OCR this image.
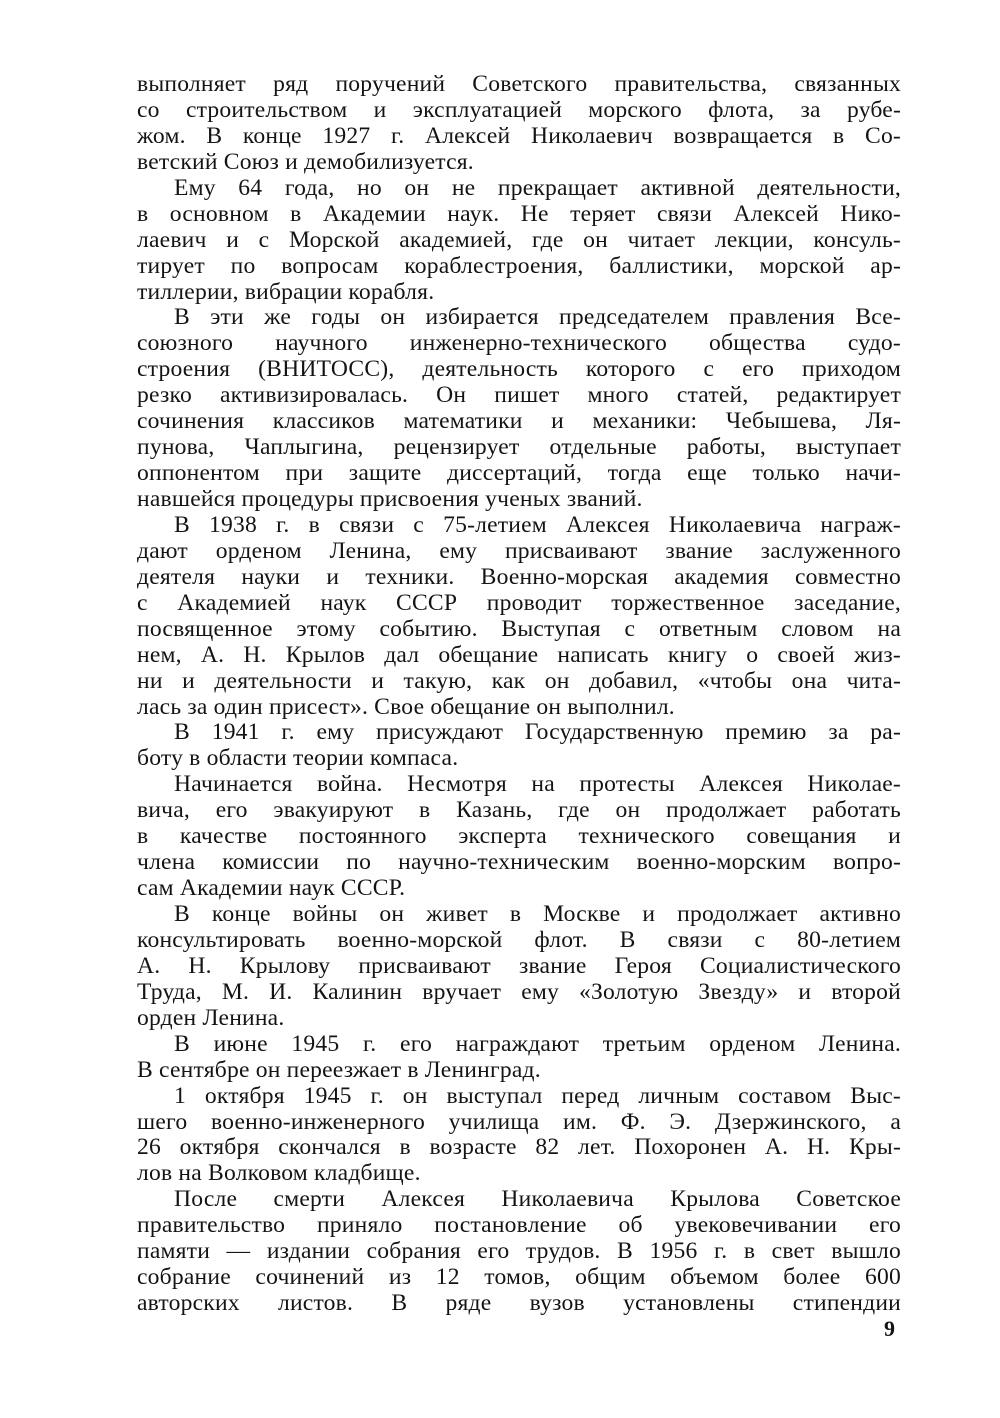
выполняет ряд поручений Советского правительства, связанных
со строительством и эксплуатацией морского флота, за рубе-
жом. В конце 1927 г. Алексей Николаевич возвращается в Со-
ветский Союз и демобилизуется.
Ему 64 года, но он не прекращает активной деятельности,
в основном в Академии наук. Не теряет связи Алексей Нико-
лаевич и с Морской академией, где он читает лекции, консуль-
тирует по вопросам кораблестроения, баллистики, морской ар-
тиллерии, вибрации корабля.
В эти же годы он избирается председателем правления Все-
союзного научного инженерно-технического общества судо-
строения (ВНИТОСС), деятельность которого с его приходом
резко активизировалась. Он пишет много статей, редактирует
сочинения классиков математики и механики: Чебышева, Ля-
пунова, Чаплыгина, рецензирует отдельные работы, выступает
оппонентом при защите диссертаций, тогда еще только начи-
навшейся процедуры присвоения ученых званий.
В 1938 г. в связи с 75-летием Алексея Николаевича награж-
дают орденом Ленина, ему присваивают звание заслуженного
деятеля науки и техники. Военно-морская академия совместно
с Академией наук СССР проводит торжественное заседание,
посвященное этому событию. Выступая с ответным словом на
нем, А. Н. Крылов дал обещание написать книгу о своей жиз-
ни и деятельности и такую, как он добавил, «чтобы она чита-
лась за один присест». Свое обещание он выполнил.
В 1941 г. ему присуждают Государственную премию за ра-
боту в области теории компаса.
Начинается война. Несмотря на протесты Алексея Николае-
вича, его эвакуируют в Казань, где он продолжает работать
в качестве постоянного эксперта технического совещания и
члена комиссии по научно-техническим военно-морским вопро-
сам Академии наук СССР.
В конце войны он живет в Москве и продолжает активно
консультировать военно-морской флот. В связи с 80-летием
А. Н. Крылову присваивают звание Героя Социалистического
Труда, М. И. Калинин вручает ему «Золотую Звезду» и второй
орден Ленина.
В июне 1945 г. его награждают третьим орденом Ленина.
В сентябре он переезжает в Ленинград.
1 октября 1945 г. он выступал перед личным составом Выс-
шего военно-инженерного училища им. Ф. Э. Дзержинского, а
26 октября скончался в возрасте 82 лет. Похоронен А. Н. Кры-
лов на Волковом кладбище.
После смерти Алексея Николаевича Крылова Советское
правительство приняло постановление об увековечивании его
памяти — издании собрания его трудов. В 1956 г. в свет вышло
собрание сочинений из 12 томов, общим объемом более 600
авторских листов. В ряде вузов установлены стипендии
9
